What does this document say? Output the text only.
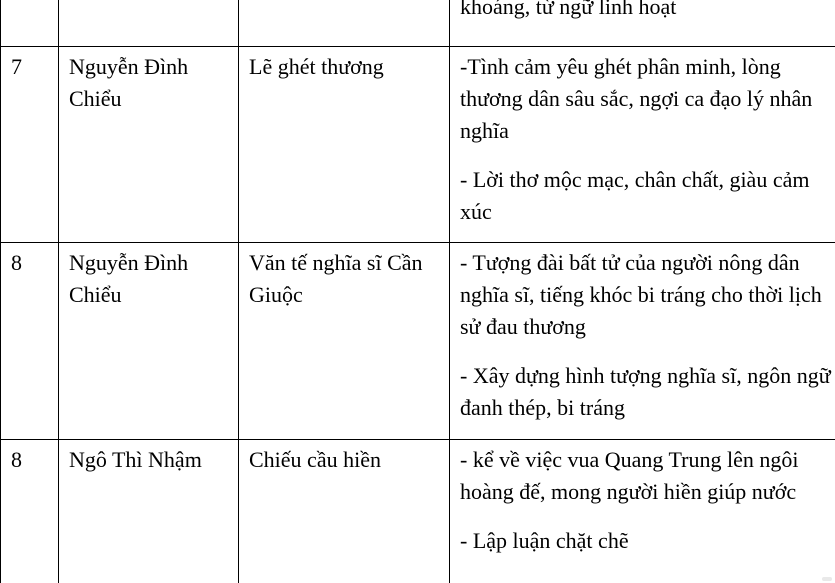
			khoáng, từ ngữ linh hoạt

7	Nguyễn Đình Chiểu	Lẽ ghét thương	-Tình cảm yêu ghét phân minh, lòng thương dân sâu sắc, ngợi ca đạo lý nhân nghĩa

- Lời thơ mộc mạc, chân chất, giàu cảm xúc

8	Nguyễn Đình Chiểu	Văn tế nghĩa sĩ Cần Giuộc	- Tượng đài bất tử của người nông dân nghĩa sĩ, tiếng khóc bi tráng cho thời lịch sử đau thương

- Xây dựng hình tượng nghĩa sĩ, ngôn ngữ đanh thép, bi tráng

8	Ngô Thì Nhậm	Chiếu cầu hiền	- kể về việc vua Quang Trung lên ngôi hoàng đế, mong người hiền giúp nước

- Lập luận chặt chẽ
